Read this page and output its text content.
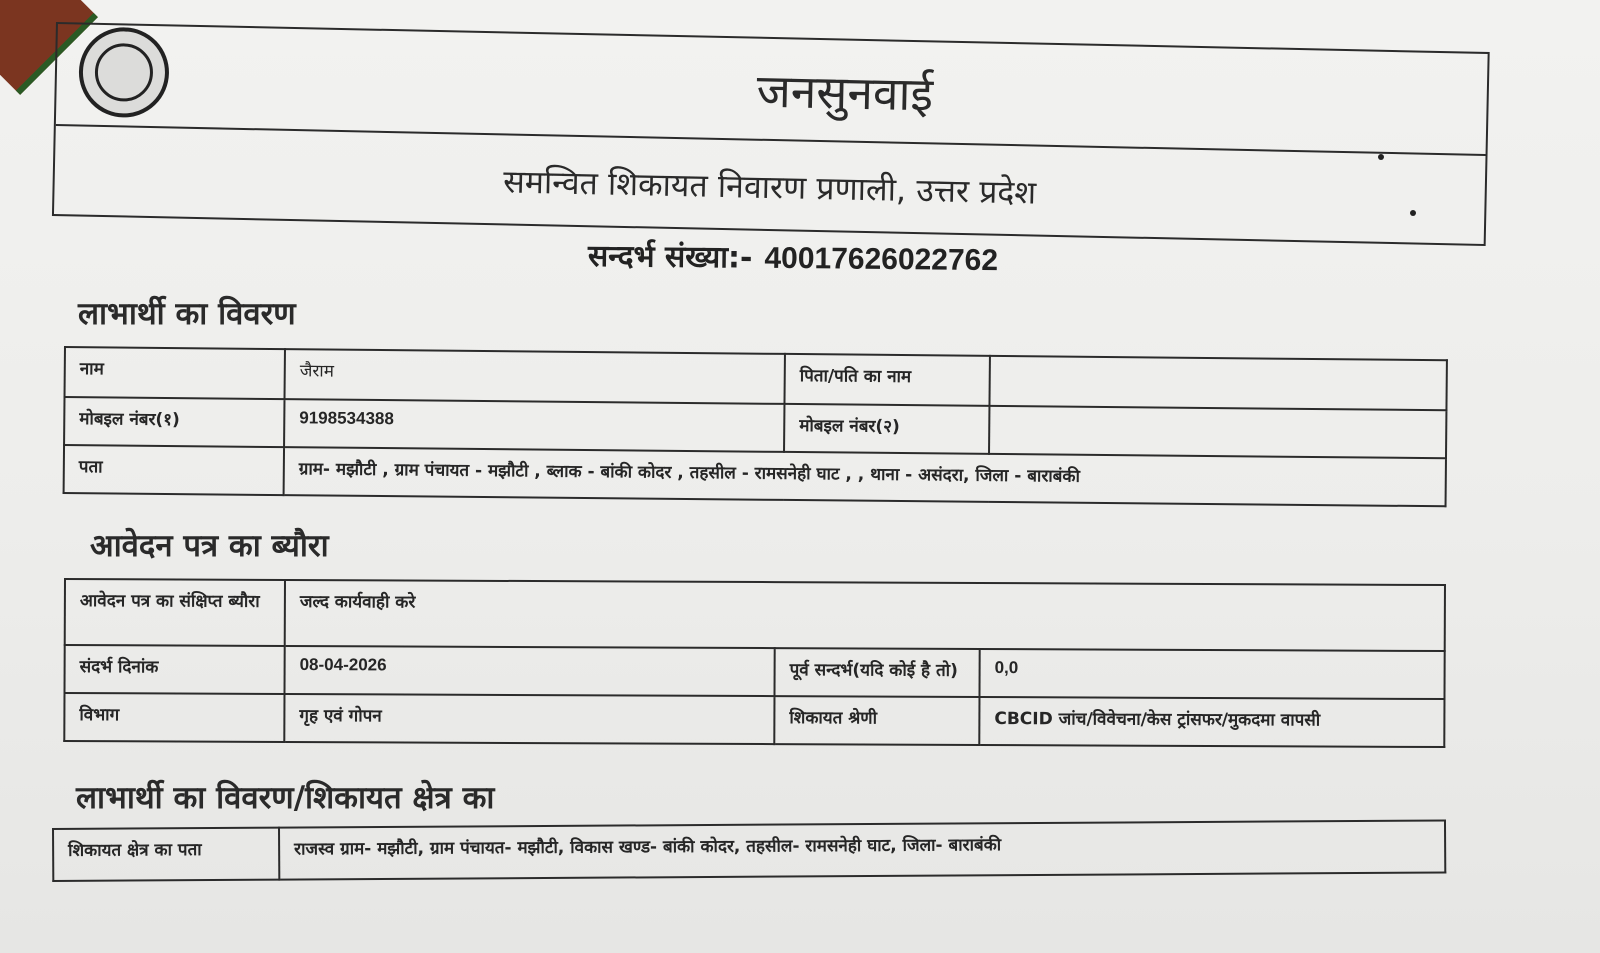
जनसुनवाई
समन्वित शिकायत निवारण प्रणाली, उत्तर प्रदेश
सन्दर्भ संख्या:- 40017626022762
लाभार्थी का विवरण
नाम	जैराम	पिता/पति का नाम	
मोबइल नंबर(१)	9198534388	मोबइल नंबर(२)	
पता	ग्राम- मझौटी , ग्राम पंचायत - मझौटी , ब्लाक - बांकी कोदर , तहसील - रामसनेही घाट , , थाना - असंदरा, जिला - बाराबंकी		
आवेदन पत्र का ब्यौरा
आवेदन पत्र का संक्षिप्त ब्यौरा	जल्द कार्यवाही करे		
संदर्भ दिनांक	08-04-2026	पूर्व सन्दर्भ(यदि कोई है तो)	0,0
विभाग	गृह एवं गोपन	शिकायत श्रेणी	CBCID जांच/विवेचना/केस ट्रांसफर/मुकदमा वापसी
लाभार्थी का विवरण/शिकायत क्षेत्र का
शिकायत क्षेत्र का पता	राजस्व ग्राम- मझौटी, ग्राम पंचायत- मझौटी, विकास खण्ड- बांकी कोदर, तहसील- रामसनेही घाट, जिला- बाराबंकी
